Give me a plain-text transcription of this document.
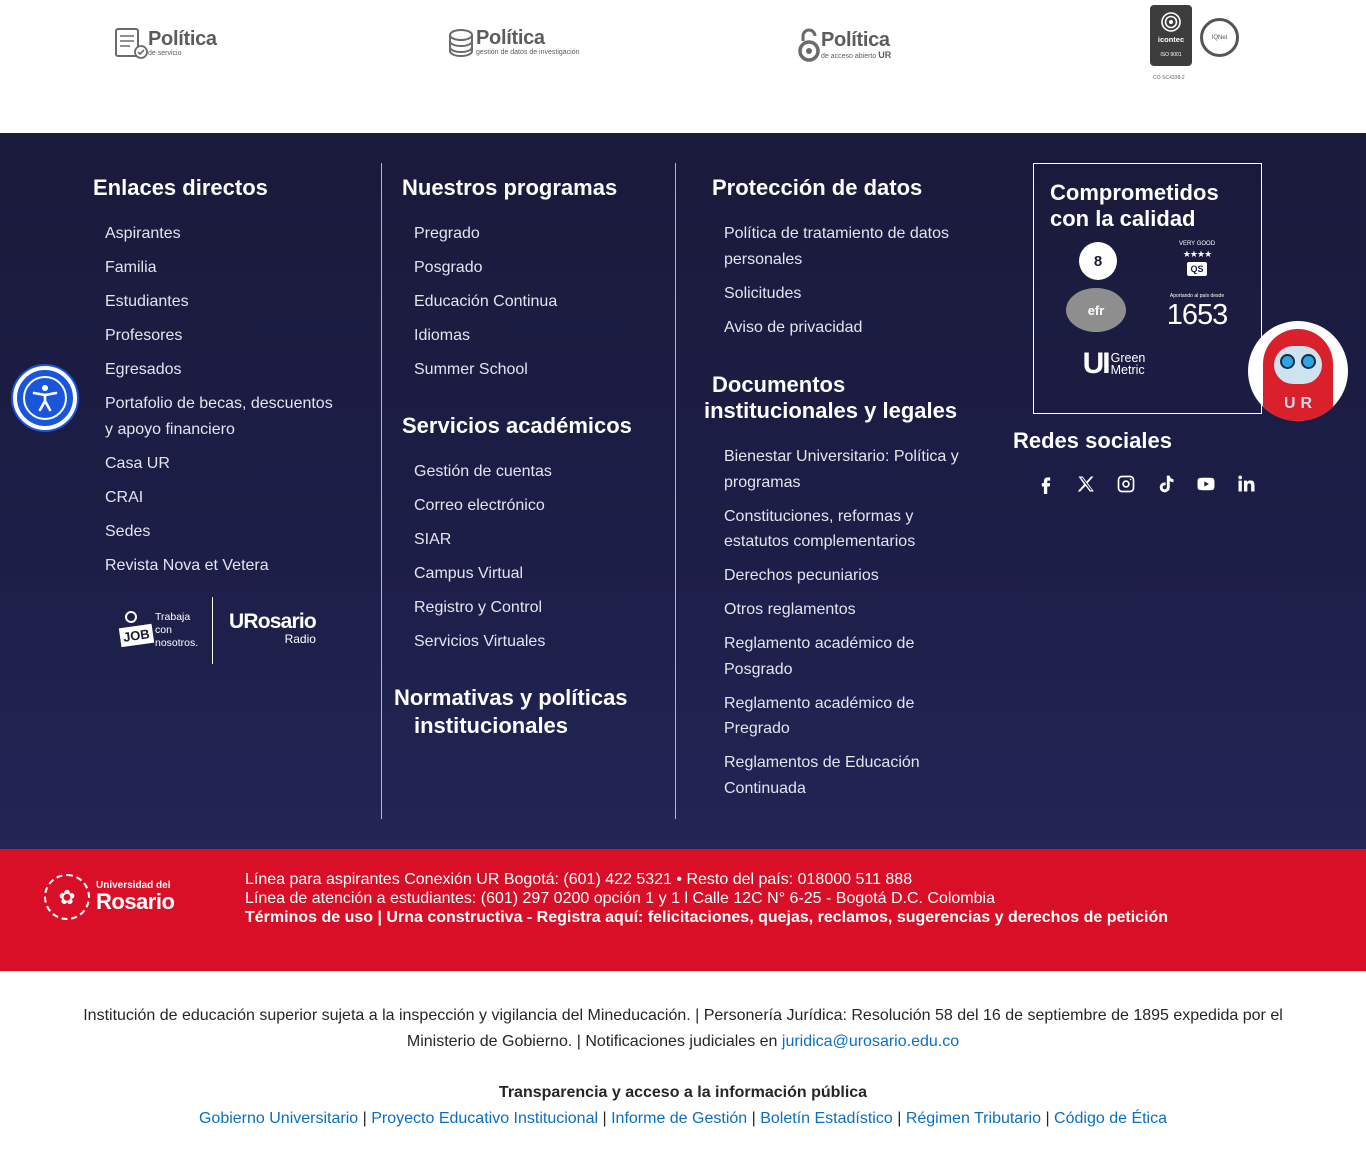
Política
de servicio
Política
gestión de datos de investigación
Política
de acceso abierto UR
icontec
ISO 9001
IQNet
CO-SC4338-2
Enlaces directos
Aspirantes
Familia
Estudiantes
Profesores
Egresados
Portafolio de becas, descuentos y apoyo financiero
Casa UR
CRAI
Sedes
Revista Nova et Vetera
JOB
Trabaja
con
nosotros.
URosario
Radio
Nuestros programas
Pregrado
Posgrado
Educación Continua
Idiomas
Summer School
Servicios académicos
Gestión de cuentas
Correo electrónico
SIAR
Campus Virtual
Registro y Control
Servicios Virtuales
Normativas y políticas
institucionales
Protección de datos
Política de tratamiento de datos personales
Solicitudes
Aviso de privacidad
Documentos
institucionales y legales
Bienestar Universitario: Política y programas
Constituciones, reformas y estatutos complementarios
Derechos pecuniarios
Otros reglamentos
Reglamento académico de Posgrado
Reglamento académico de Pregrado
Reglamentos de Educación Continuada
Comprometidos
con la calidad
8
VERY GOOD
★★★★
QS
efr
Aportando al país desde
1653
UI Green
Metric
Redes sociales
UR
✿
Universidad del
Rosario
Línea para aspirantes Conexión UR Bogotá: (601) 422 5321 • Resto del país: 018000 511 888
Línea de atención a estudiantes: (601) 297 0200 opción 1 y 1 l Calle 12C N° 6-25 - Bogotá D.C. Colombia
Términos de uso | Urna constructiva - Registra aquí: felicitaciones, quejas, reclamos, sugerencias y derechos de petición
Institución de educación superior sujeta a la inspección y vigilancia del Mineducación. | Personería Jurídica: Resolución 58 del 16 de septiembre de 1895 expedida por el Ministerio de Gobierno. | Notificaciones judiciales en juridica@urosario.edu.co
Transparencia y acceso a la información pública
Gobierno Universitario | Proyecto Educativo Institucional | Informe de Gestión | Boletín Estadístico | Régimen Tributario | Código de Ética
